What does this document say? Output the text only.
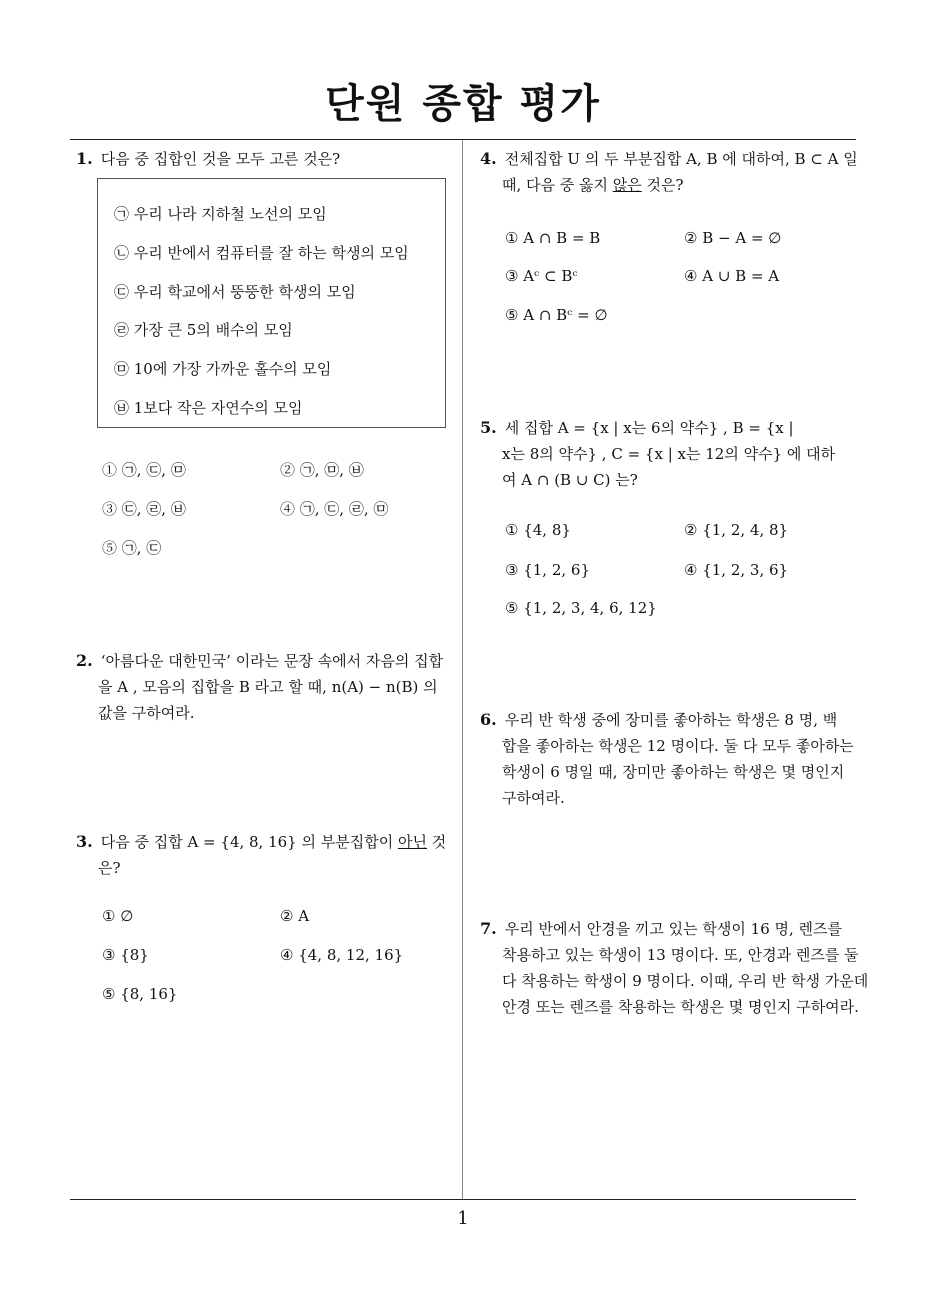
단원 종합 평가
1. 다음 중 집합인 것을 모두 고른 것은?
㉠ 우리 나라 지하철 노선의 모임
㉡ 우리 반에서 컴퓨터를 잘 하는 학생의 모임
㉢ 우리 학교에서 뚱뚱한 학생의 모임
㉣ 가장 큰 5의 배수의 모임
㉤ 10에 가장 가까운 홀수의 모임
㉥ 1보다 작은 자연수의 모임
① ㉠, ㉢, ㉤	② ㉠, ㉤, ㉥
③ ㉢, ㉣, ㉥	④ ㉠, ㉢, ㉣, ㉤
⑤ ㉠, ㉢
2. ‘아름다운 대한민국’ 이라는 문장 속에서 자음의 집합
을 A , 모음의 집합을 B 라고 할 때, n(A) − n(B) 의
값을 구하여라.
3. 다음 중 집합 A = {4, 8, 16} 의 부분집합이 아닌 것
은?
① ∅	② A
③ {8}	④ {4, 8, 12, 16}
⑤ {8, 16}
4. 전체집합 U 의 두 부분집합 A, B 에 대하여, B ⊂ A 일
때, 다음 중 옳지 않은 것은?
① A ∩ B = B	② B − A = ∅
③ Aᶜ ⊂ Bᶜ	④ A ∪ B = A
⑤ A ∩ Bᶜ = ∅
5. 세 집합 A = {x | x는 6의 약수} , B = {x |
x는 8의 약수} , C = {x | x는 12의 약수} 에 대하
여 A ∩ (B ∪ C) 는?
① {4, 8}	② {1, 2, 4, 8}
③ {1, 2, 6}	④ {1, 2, 3, 6}
⑤ {1, 2, 3, 4, 6, 12}
6. 우리 반 학생 중에 장미를 좋아하는 학생은 8 명, 백
합을 좋아하는 학생은 12 명이다. 둘 다 모두 좋아하는
학생이 6 명일 때, 장미만 좋아하는 학생은 몇 명인지
구하여라.
7. 우리 반에서 안경을 끼고 있는 학생이 16 명, 렌즈를
착용하고 있는 학생이 13 명이다. 또, 안경과 렌즈를 둘
다 착용하는 학생이 9 명이다. 이때, 우리 반 학생 가운데
안경 또는 렌즈를 착용하는 학생은 몇 명인지 구하여라.
1
